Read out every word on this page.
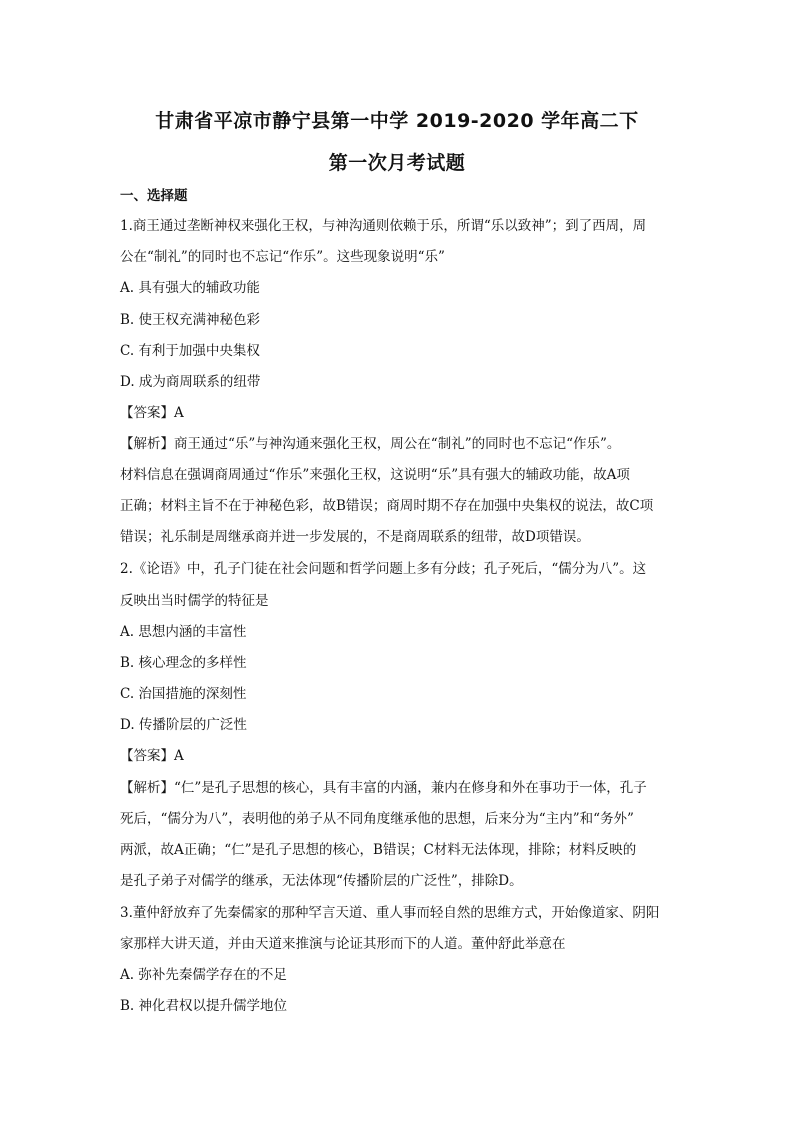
甘肃省平凉市静宁县第一中学 2019-2020 学年高二下
第一次月考试题
一、选择题
1.商王通过垄断神权来强化王权，与神沟通则依赖于乐，所谓“乐以致神”；到了西周，周
公在“制礼”的同时也不忘记“作乐”。这些现象说明“乐”
A. 具有强大的辅政功能
B. 使王权充满神秘色彩
C. 有利于加强中央集权
D. 成为商周联系的纽带
【答案】A
【解析】商王通过“乐”与神沟通来强化王权，周公在“制礼”的同时也不忘记“作乐”。
材料信息在强调商周通过“作乐”来强化王权，这说明“乐”具有强大的辅政功能，故A项
正确；材料主旨不在于神秘色彩，故B错误；商周时期不存在加强中央集权的说法，故C项
错误；礼乐制是周继承商并进一步发展的，不是商周联系的纽带，故D项错误。
2.《论语》中，孔子门徒在社会问题和哲学问题上多有分歧；孔子死后，“儒分为八”。这
反映出当时儒学的特征是
A. 思想内涵的丰富性
B. 核心理念的多样性
C. 治国措施的深刻性
D. 传播阶层的广泛性
【答案】A
【解析】“仁”是孔子思想的核心，具有丰富的内涵，兼内在修身和外在事功于一体，孔子
死后，“儒分为八”，表明他的弟子从不同角度继承他的思想，后来分为“主内”和“务外”
两派，故A正确；“仁”是孔子思想的核心，B错误；C材料无法体现，排除；材料反映的
是孔子弟子对儒学的继承，无法体现“传播阶层的广泛性”，排除D。
3.董仲舒放弃了先秦儒家的那种罕言天道、重人事而轻自然的思维方式，开始像道家、阴阳
家那样大讲天道，并由天道来推演与论证其形而下的人道。董仲舒此举意在
A. 弥补先秦儒学存在的不足
B. 神化君权以提升儒学地位
